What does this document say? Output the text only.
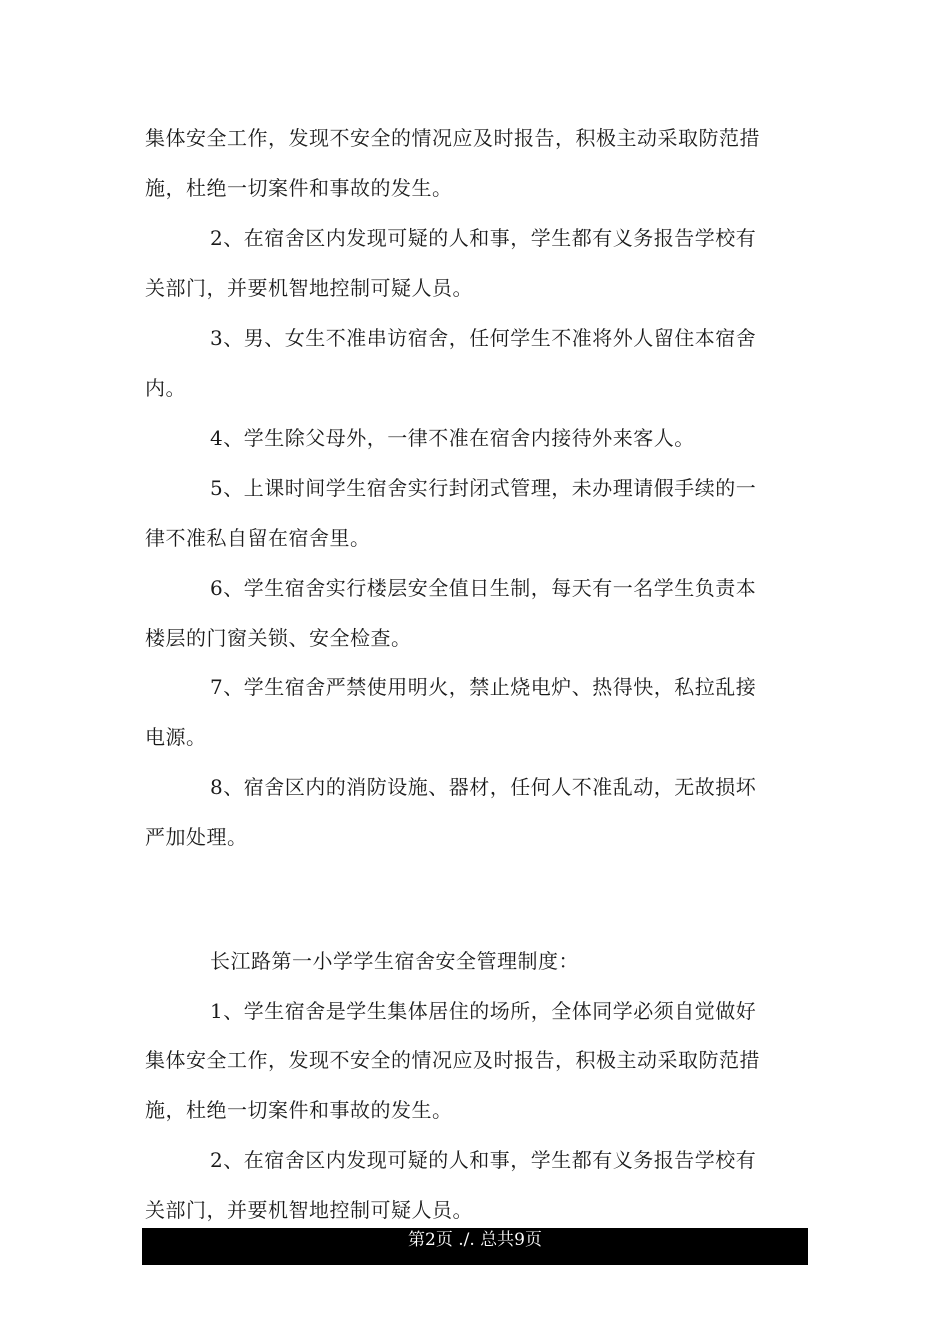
集体安全工作，发现不安全的情况应及时报告，积极主动采取防范措
施，杜绝一切案件和事故的发生。
2、在宿舍区内发现可疑的人和事，学生都有义务报告学校有
关部门，并要机智地控制可疑人员。
3、男、女生不准串访宿舍，任何学生不准将外人留住本宿舍
内。
4、学生除父母外，一律不准在宿舍内接待外来客人。
5、上课时间学生宿舍实行封闭式管理，未办理请假手续的一
律不准私自留在宿舍里。
6、学生宿舍实行楼层安全值日生制，每天有一名学生负责本
楼层的门窗关锁、安全检查。
7、学生宿舍严禁使用明火，禁止烧电炉、热得快，私拉乱接
电源。
8、宿舍区内的消防设施、器材，任何人不准乱动，无故损坏
严加处理。
长江路第一小学学生宿舍安全管理制度：
1、学生宿舍是学生集体居住的场所，全体同学必须自觉做好
集体安全工作，发现不安全的情况应及时报告，积极主动采取防范措
施，杜绝一切案件和事故的发生。
2、在宿舍区内发现可疑的人和事，学生都有义务报告学校有
关部门，并要机智地控制可疑人员。
第2页 ./. 总共9页
